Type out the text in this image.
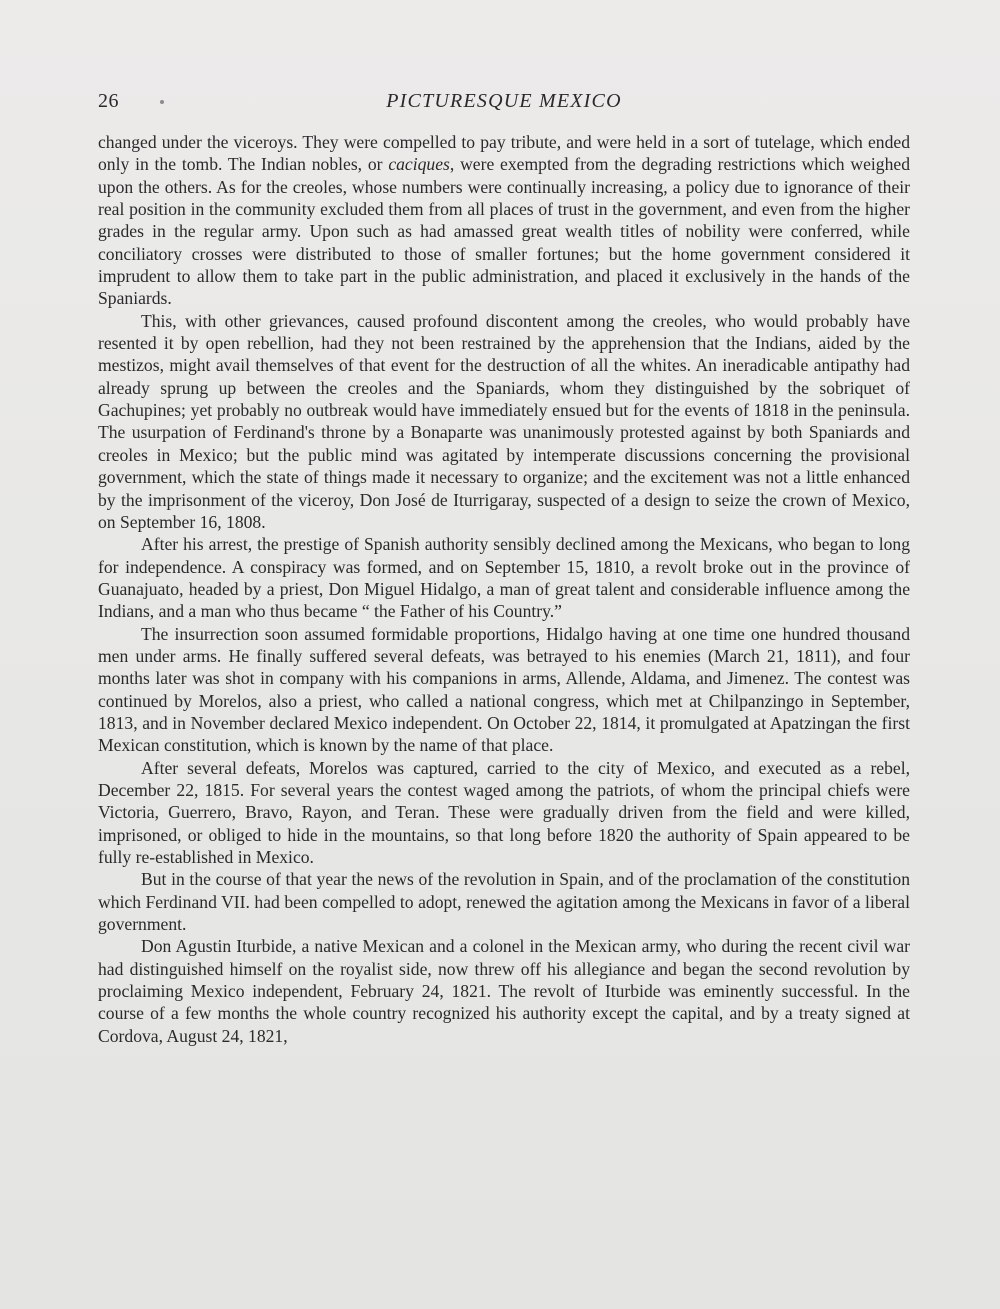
26	PICTURESQUE MEXICO

changed under the viceroys. They were compelled to pay tribute, and were held in a sort of tutelage, which ended only in the tomb. The Indian nobles, or caciques, were exempted from the degrading restrictions which weighed upon the others. As for the creoles, whose numbers were continually increasing, a policy due to ignorance of their real position in the community excluded them from all places of trust in the government, and even from the higher grades in the regular army. Upon such as had amassed great wealth titles of nobility were conferred, while conciliatory crosses were distributed to those of smaller fortunes; but the home government considered it imprudent to allow them to take part in the public administration, and placed it exclusively in the hands of the Spaniards.

This, with other grievances, caused profound discontent among the creoles, who would probably have resented it by open rebellion, had they not been restrained by the apprehension that the Indians, aided by the mestizos, might avail themselves of that event for the destruction of all the whites. An ineradicable antipathy had already sprung up between the creoles and the Spaniards, whom they distinguished by the sobriquet of Gachupines; yet probably no outbreak would have immediately ensued but for the events of 1818 in the peninsula. The usurpation of Ferdinand's throne by a Bonaparte was unanimously protested against by both Spaniards and creoles in Mexico; but the public mind was agitated by intemperate discussions concerning the provisional government, which the state of things made it necessary to organize; and the excitement was not a little enhanced by the imprisonment of the viceroy, Don José de Iturrigaray, suspected of a design to seize the crown of Mexico, on September 16, 1808.

After his arrest, the prestige of Spanish authority sensibly declined among the Mexicans, who began to long for independence. A conspiracy was formed, and on September 15, 1810, a revolt broke out in the province of Guanajuato, headed by a priest, Don Miguel Hidalgo, a man of great talent and considerable influence among the Indians, and a man who thus became “ the Father of his Country.”

The insurrection soon assumed formidable proportions, Hidalgo having at one time one hundred thousand men under arms. He finally suffered several defeats, was betrayed to his enemies (March 21, 1811), and four months later was shot in company with his companions in arms, Allende, Aldama, and Jimenez. The contest was continued by Morelos, also a priest, who called a national congress, which met at Chilpanzingo in September, 1813, and in November declared Mexico independent. On October 22, 1814, it promulgated at Apatzingan the first Mexican constitution, which is known by the name of that place.

After several defeats, Morelos was captured, carried to the city of Mexico, and executed as a rebel, December 22, 1815. For several years the contest waged among the patriots, of whom the principal chiefs were Victoria, Guerrero, Bravo, Rayon, and Teran. These were gradually driven from the field and were killed, imprisoned, or obliged to hide in the mountains, so that long before 1820 the authority of Spain appeared to be fully re-established in Mexico.

But in the course of that year the news of the revolution in Spain, and of the proclamation of the constitution which Ferdinand VII. had been compelled to adopt, renewed the agitation among the Mexicans in favor of a liberal government.

Don Agustin Iturbide, a native Mexican and a colonel in the Mexican army, who during the recent civil war had distinguished himself on the royalist side, now threw off his allegiance and began the second revolution by proclaiming Mexico independent, February 24, 1821. The revolt of Iturbide was eminently successful. In the course of a few months the whole country recognized his authority except the capital, and by a treaty signed at Cordova, August 24, 1821,
